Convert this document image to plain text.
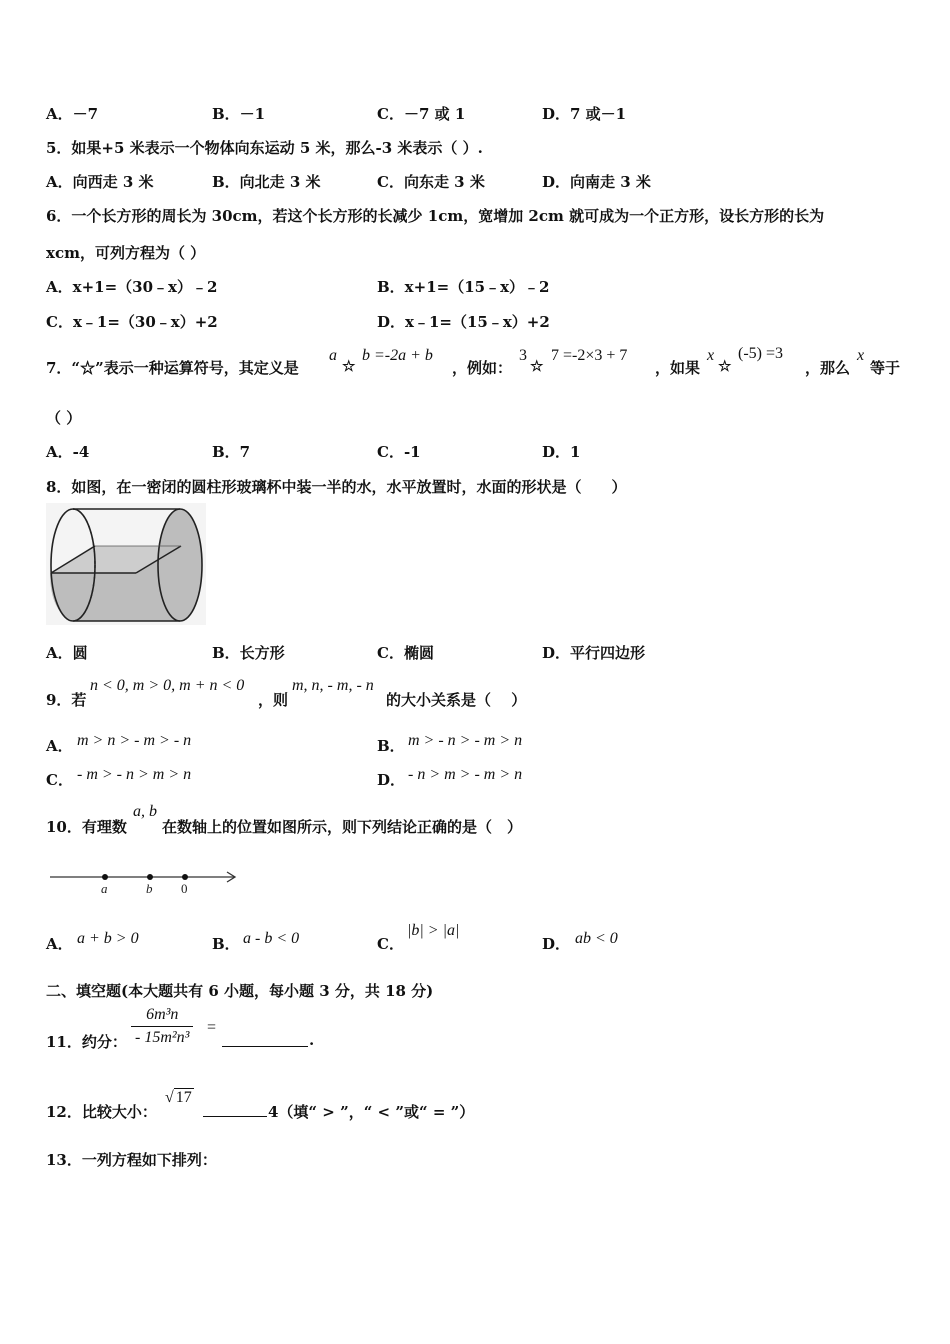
A．－7	B．－1	C．－7 或 1	D．7 或－1
5．如果+5 米表示一个物体向东运动 5 米，那么-3 米表示（ ）.
A．向西走 3 米	B．向北走 3 米	C．向东走 3 米	D．向南走 3 米
6．一个长方形的周长为 30cm，若这个长方形的长减少 1cm，宽增加 2cm 就可成为一个正方形，设长方形的长为
xcm，可列方程为（ ）
A．x+1=（30﹣x）﹣2	B．x+1=（15﹣x）﹣2
C．x﹣1=（30﹣x）+2	D．x﹣1=（15﹣x）+2
7．“☆”表示一种运算符号，其定义是
a
☆
b =-2a + b
，例如：
3
☆
7 =-2×3 + 7
，如果
x
☆
(-5) =3
，那么
x
等于
（ ）
A．-4	B．7	C．-1	D．1
8．如图，在一密闭的圆柱形玻璃杯中装一半的水，水平放置时，水面的形状是（　　）
A．圆	B．长方形	C．椭圆	D．平行四边形
9．若
n < 0, m > 0, m + n < 0
，则
m, n, - m, - n
的大小关系是（　 ）
A． m > n > - m > - n	B． m > - n > - m > n
C． - m > - n > m > n	D． - n > m > - m > n
10．有理数
a, b
在数轴上的位置如图所示，则下列结论正确的是（　）
a	b 0
A． a + b > 0	B． a - b < 0	C．
|b| > |a|
D． ab < 0
二、填空题(本大题共有 6 小题，每小题 3 分，共 18 分)
11．约分： $\frac{\text{6m³n}}{\text{- 15m²n³}}$ =
.
12．比较大小：
√ 17
4（填“ > ”，“ < ”或“ = ”）
13．一列方程如下排列：
